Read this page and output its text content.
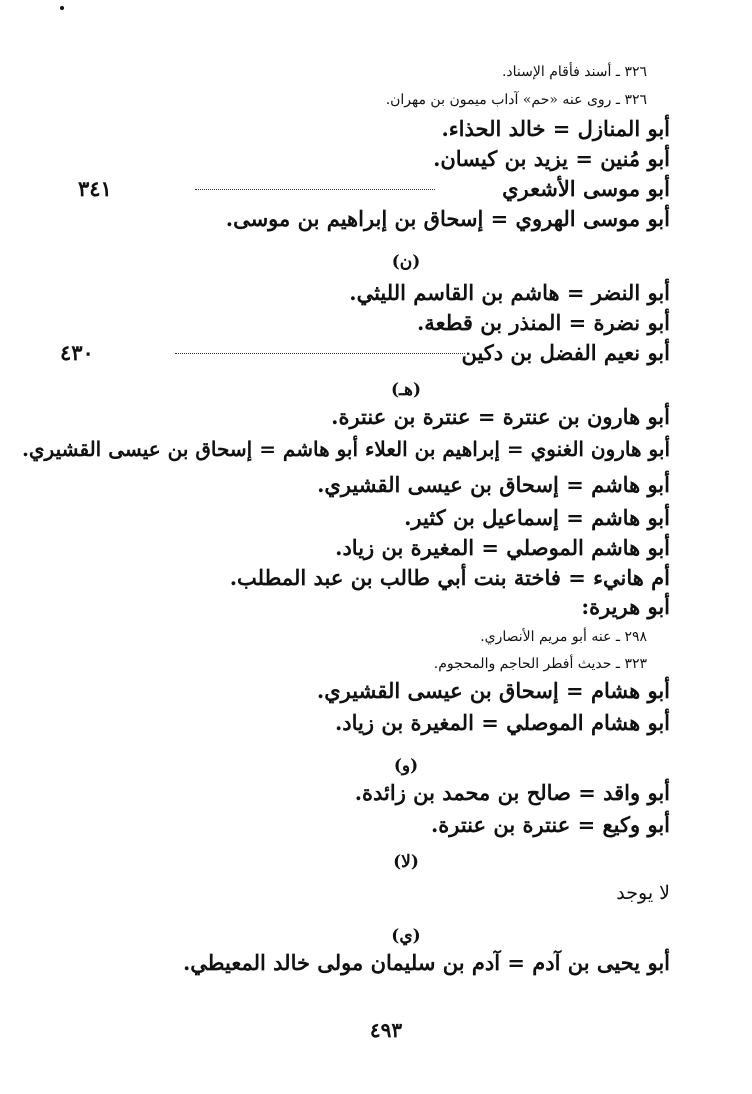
٣٢٦ ـ أسند فأقام الإسناد.
٣٢٦ ـ روى عنه «حم» آداب ميمون بن مهران.
أبو المنازل = خالد الحذاء.
أبو مُنين = يزيد بن كيسان.
أبو موسى الأشعري
٣٤١
أبو موسى الهروي = إسحاق بن إبراهيم بن موسى.
(ن)
أبو النضر = هاشم بن القاسم الليثي.
أبو نضرة = المنذر بن قطعة.
أبو نعيم الفضل بن دكين
٤٣٠
(هـ)
أبو هارون بن عنترة = عنترة بن عنترة.
أبو هارون الغنوي = إبراهيم بن العلاء أبو هاشم = إسحاق بن عيسى القشيري.
أبو هاشم = إسحاق بن عيسى القشيري.
أبو هاشم = إسماعيل بن كثير.
أبو هاشم الموصلي = المغيرة بن زياد.
أم هانيء = فاختة بنت أبي طالب بن عبد المطلب.
أبو هريرة:
٢٩٨ ـ عنه أبو مريم الأنصاري.
٣٢٣ ـ حديث أفطر الحاجم والمحجوم.
أبو هشام = إسحاق بن عيسى القشيري.
أبو هشام الموصلي = المغيرة بن زياد.
(و)
أبو واقد = صالح بن محمد بن زائدة.
أبو وكيع = عنترة بن عنترة.
(لا)
لا يوجد
(ي)
أبو يحيى بن آدم = آدم بن سليمان مولى خالد المعيطي.
٤٩٣
